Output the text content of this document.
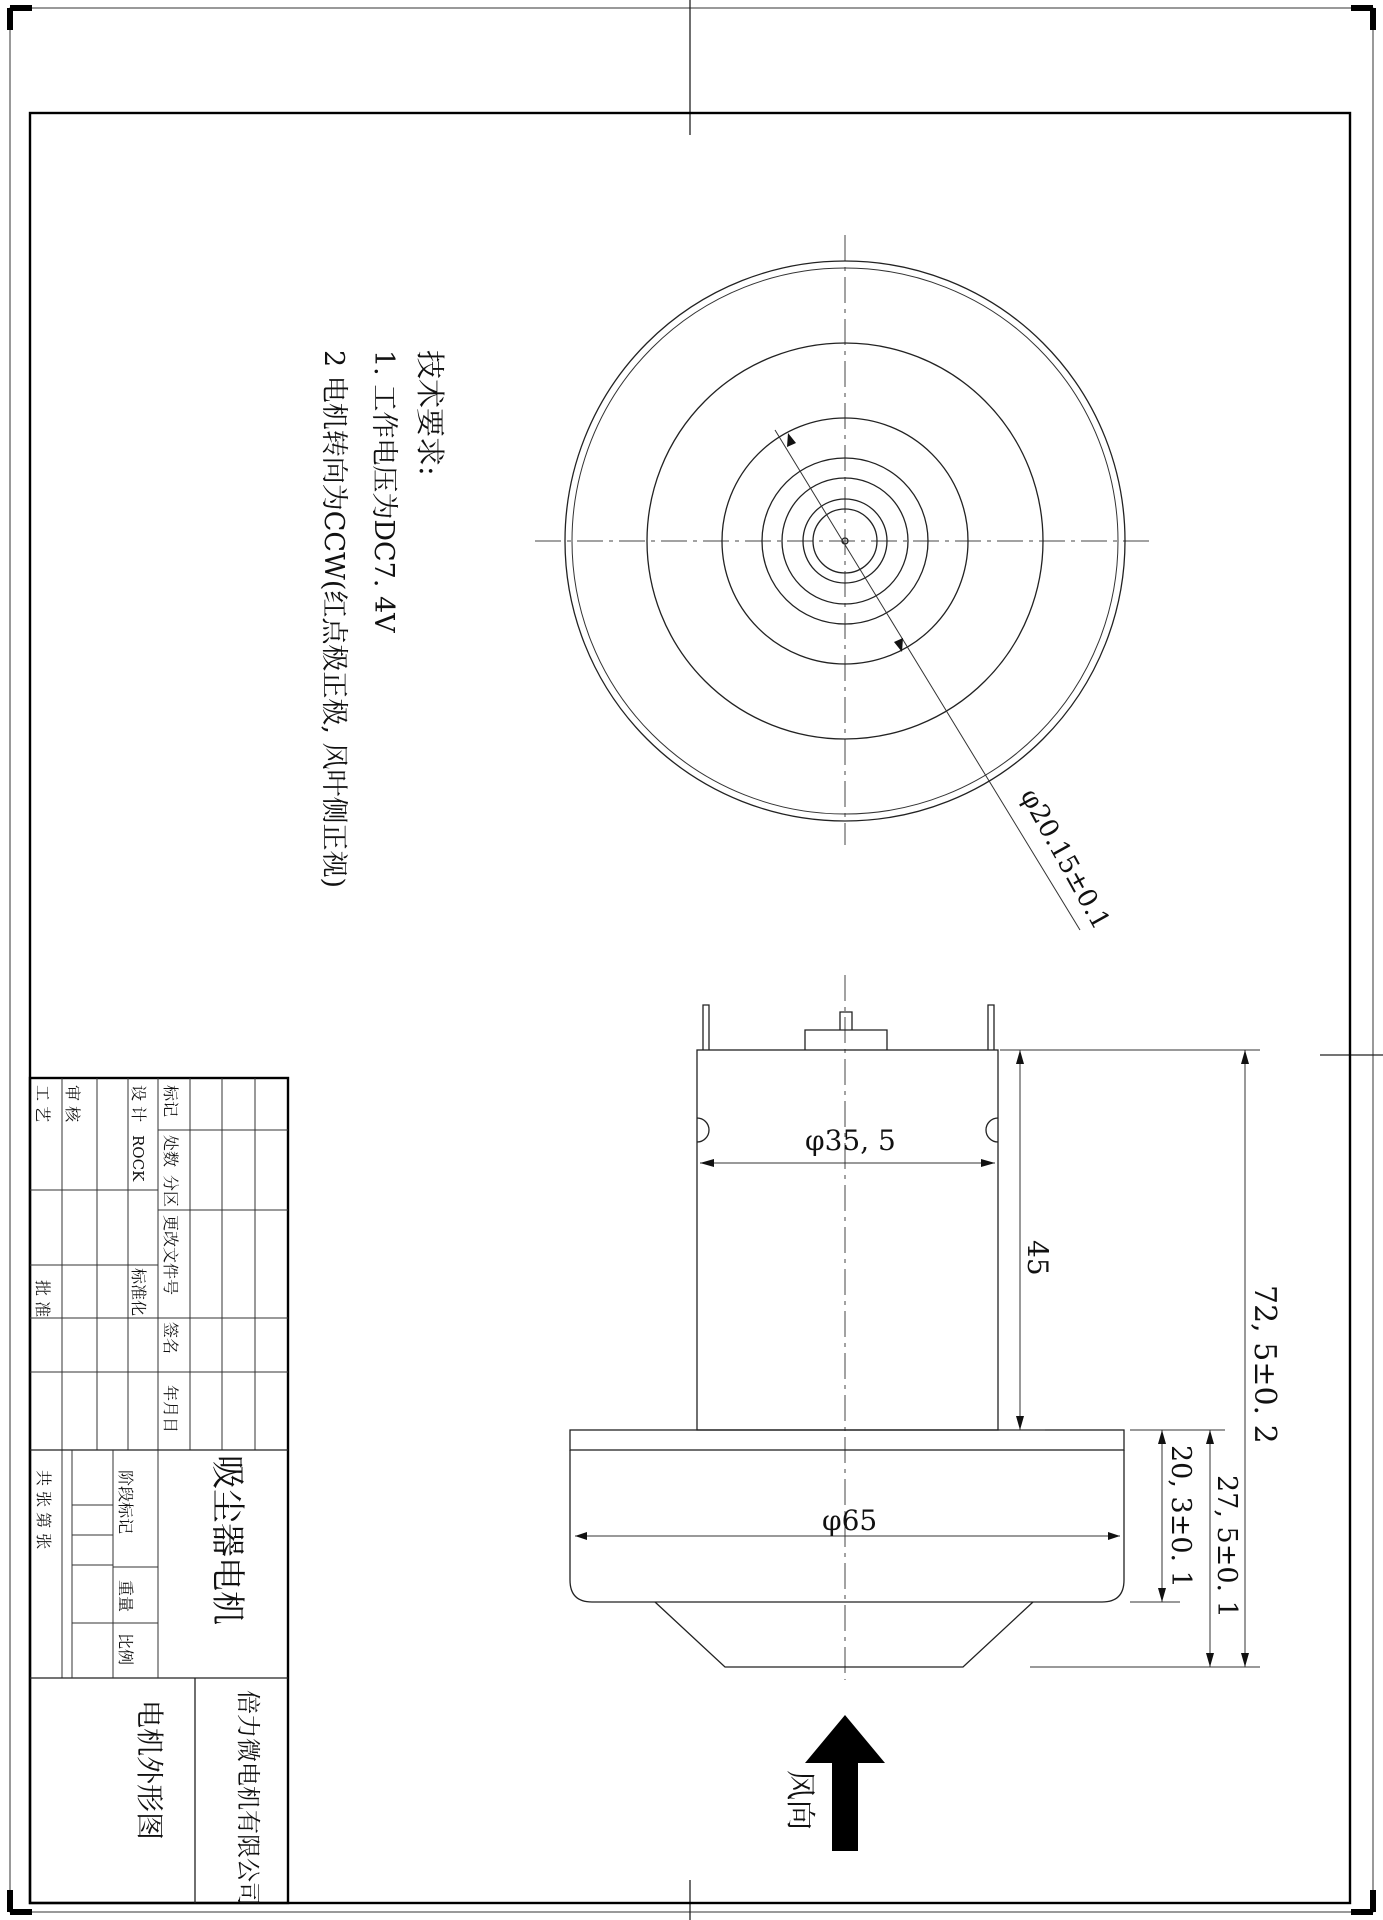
技术要求:
1. 工作电压为DC7. 4V
2 电机转向为CCW(红点极正极, 风叶侧正视)	φ20.15±0.1
φ35, 5
φ65
45
72, 5±0. 2
20, 3±0. 1 27, 5±0. 1
风向
标记
处数
分区
更改文件号
签名
年月日
设 计
ROCK
标准化
审 核
工 艺
批 准
吸尘器电机
阶段标记
重量
比例
共 张 第 张
倍力微电机有限公司
电机外形图
